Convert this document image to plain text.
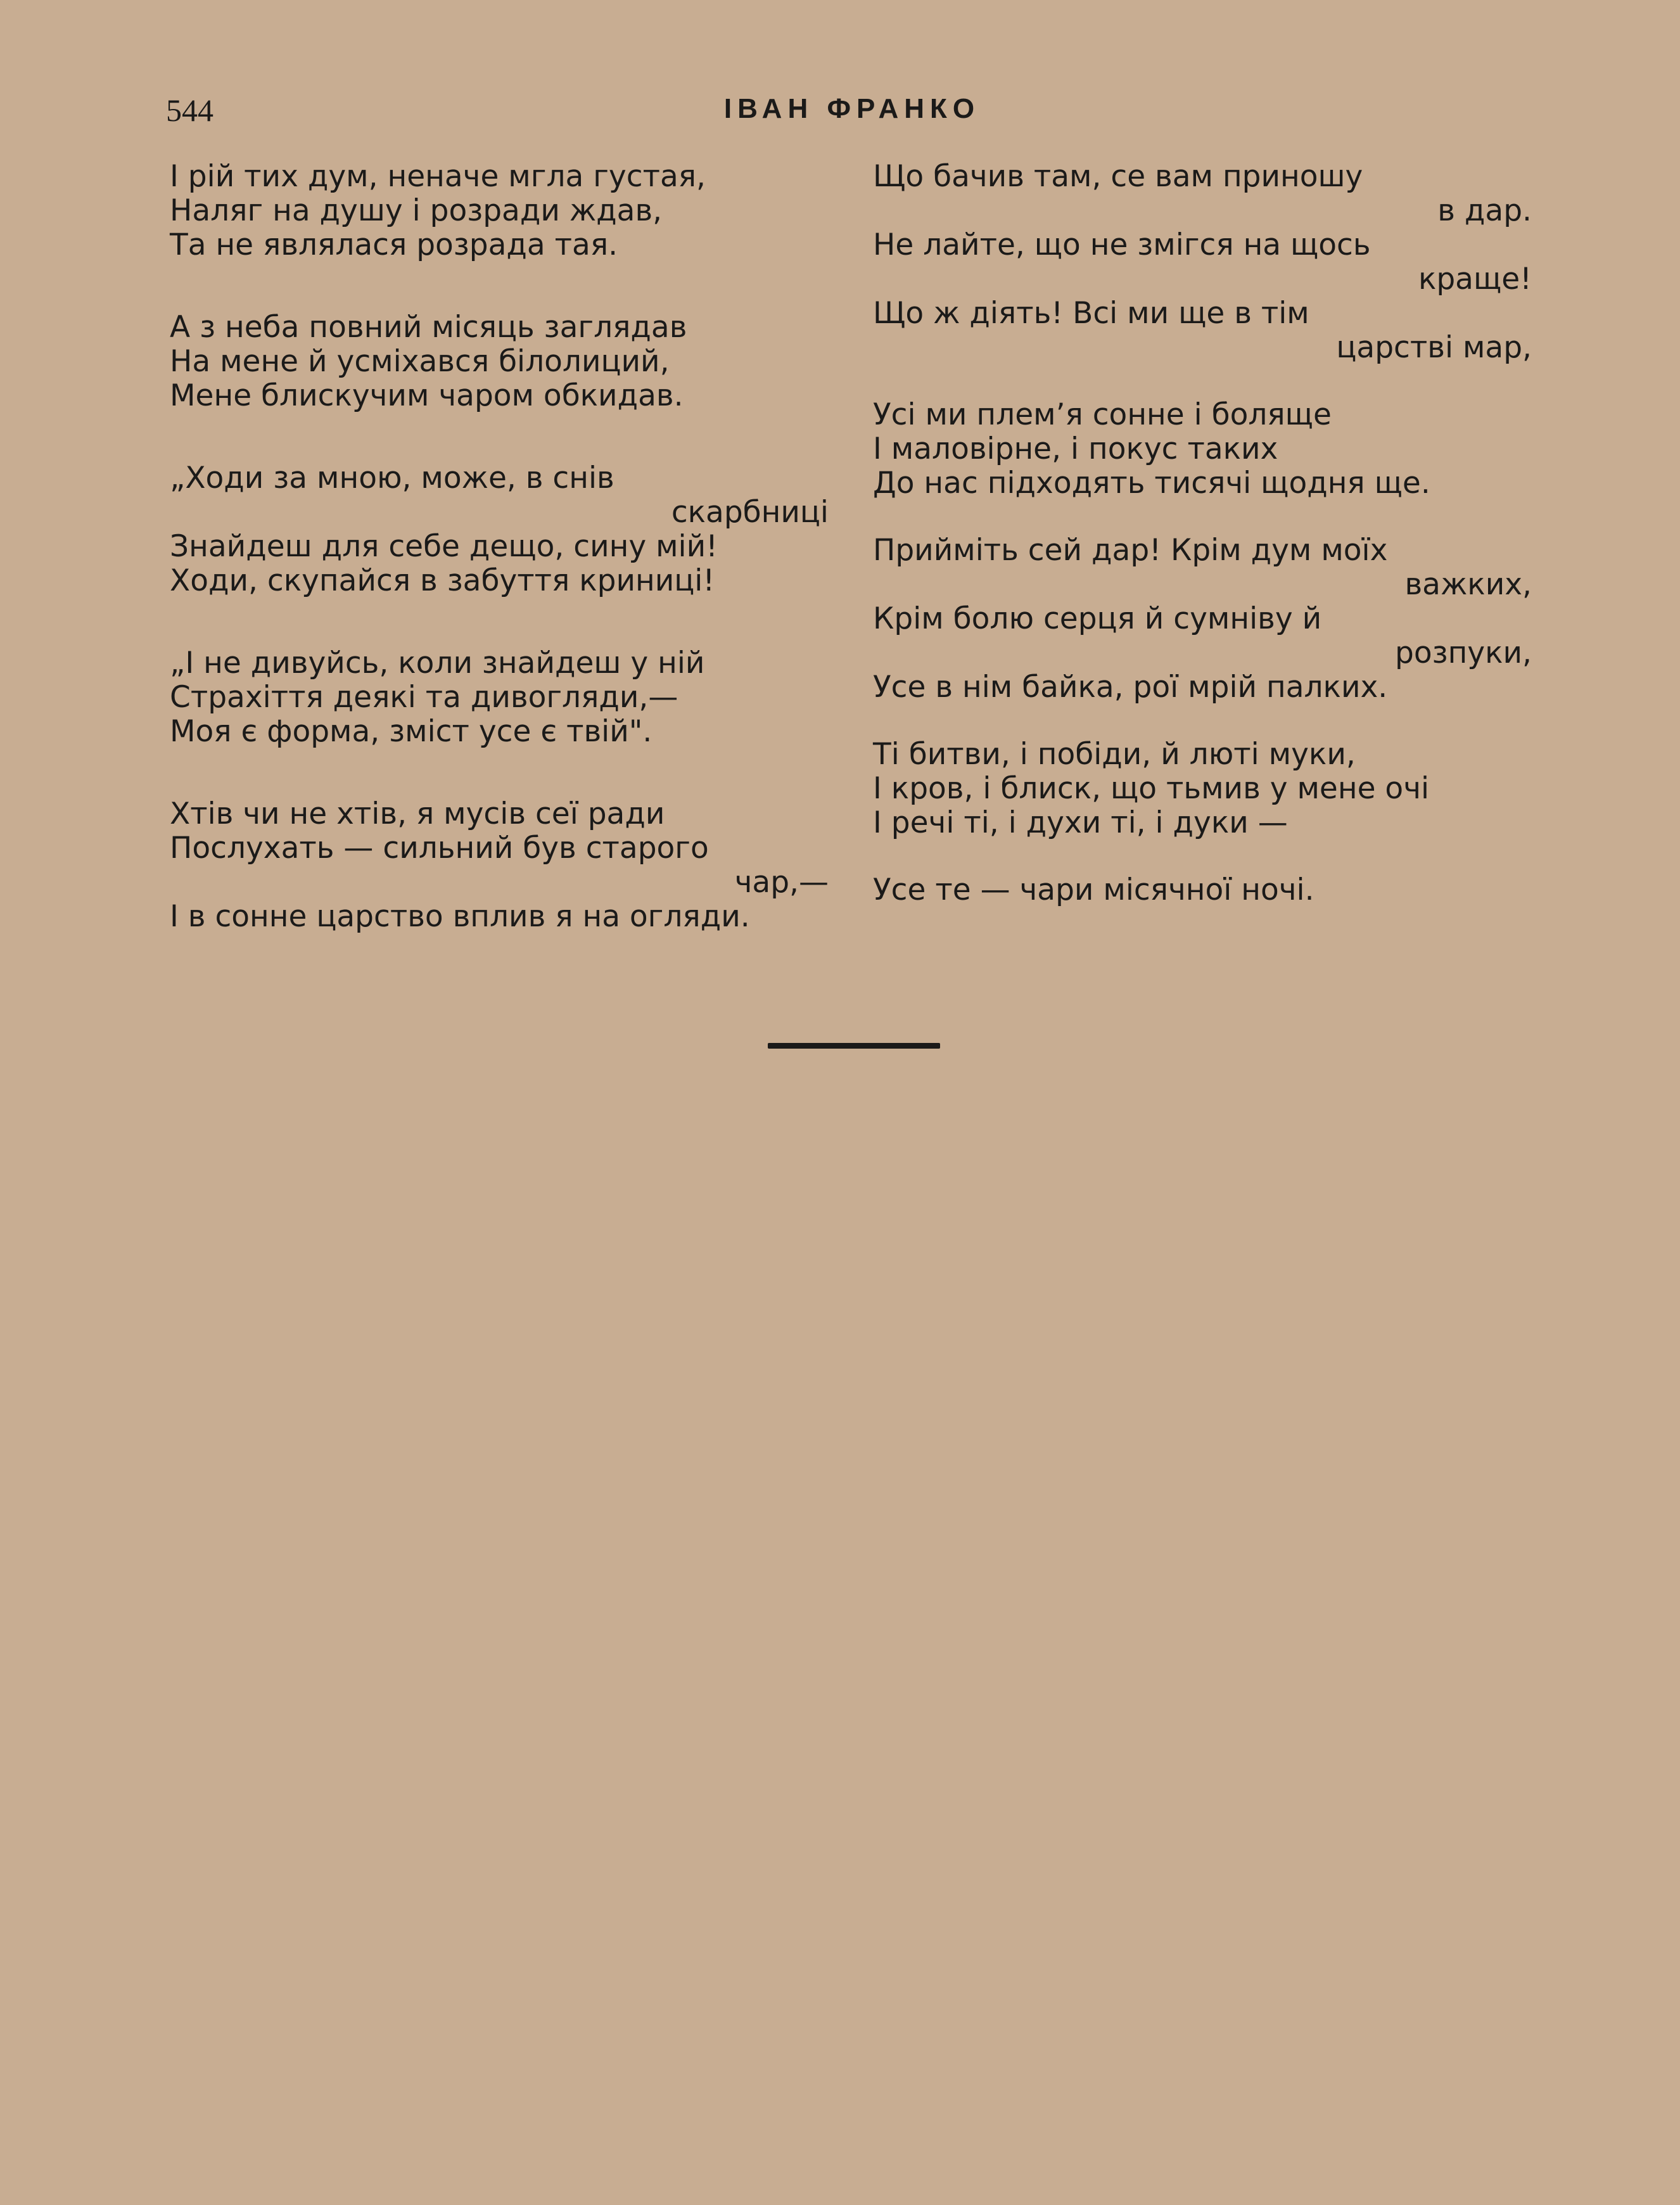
544	ІВАН ФРАНКО
І рій тих дум, неначе мгла густая,
Наляг на душу і розради ждав,
Та не являлася розрада тая.
А з неба повний місяць заглядав
На мене й усміхався білолиций,
Мене блискучим чаром обкидав.
„Ходи за мною, може, в снів
скарбниці
Знайдеш для себе дещо, сину мій!
Ходи, скупайся в забуття криниці!
„І не дивуйсь, коли знайдеш у ній
Страхіття деякі та дивогляди,—
Моя є форма, зміст усе є твій".
Хтів чи не хтів, я мусів сеї ради
Послухать — сильний був старого
чар,—
І в сонне царство вплив я на огляди.
Що бачив там, се вам приношу
в дар.
Не лайте, що не змігся на щось
краще!
Що ж діять! Всі ми ще в тім
царстві мар,
Усі ми плем’я сонне і боляще
І маловірне, і покус таких
До нас підходять тисячі щодня ще.
Прийміть сей дар! Крім дум моїх
важких,
Крім болю серця й сумніву й
розпуки,
Усе в нім байка, рої мрій палких.
Ті битви, і побіди, й люті муки,
І кров, і блиск, що тьмив у мене очі
І речі ті, і духи ті, і дуки —
Усе те — чари місячної ночі.
